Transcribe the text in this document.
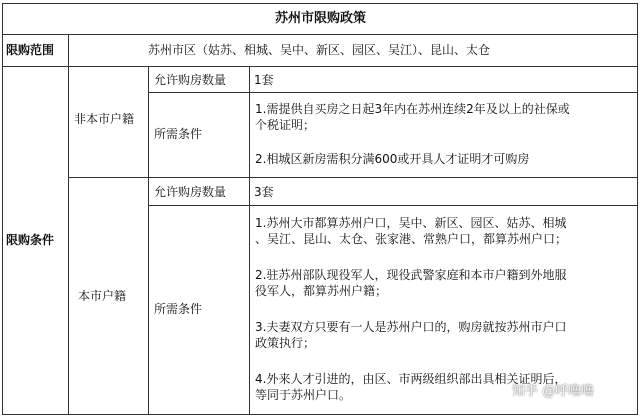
苏州市限购政策
限购范围	苏州市区（姑苏、相城、吴中、新区、园区、吴江）、昆山、太仓
限购条件
非本市户籍
允许购房数量 1套
所需条件
1.需提供自买房之日起3年内在苏州连续2年及以上的社保或
个税证明；
2.相城区新房需积分满600或开具人才证明才可购房
本市户籍
允许购房数量 3套
所需条件
1.苏州大市都算苏州户口，吴中、新区、园区、姑苏、相城
、吴江、昆山、太仓、张家港、常熟户口，都算苏州户口；
2.驻苏州部队现役军人，现役武警家庭和本市户籍到外地服
役军人，都算苏州户籍；
3.夫妻双方只要有一人是苏州户口的，购房就按苏州市户口
政策执行；
4.外来人才引进的，由区、市两级组织部出具相关证明后，
等同于苏州户口。	知乎 @呼噜噜
